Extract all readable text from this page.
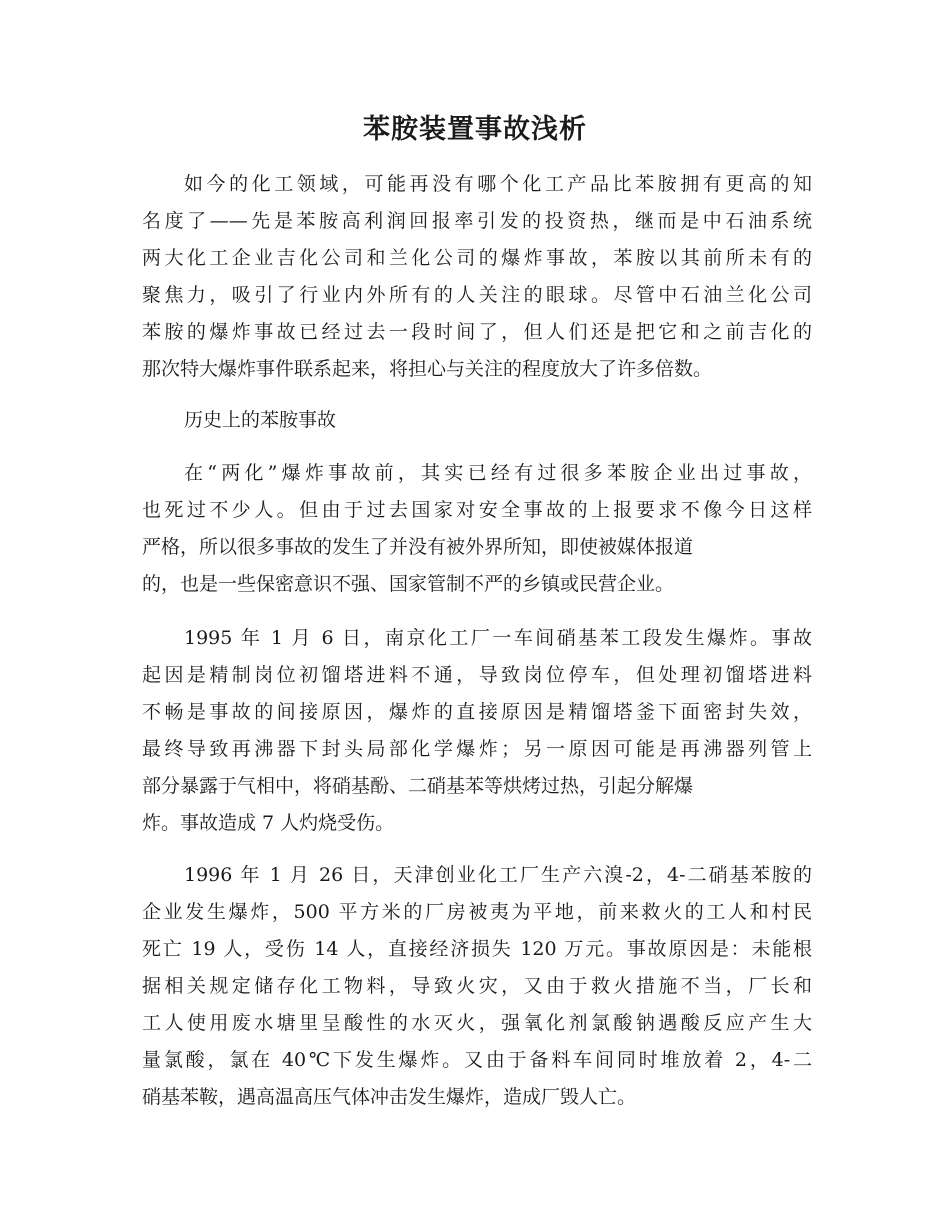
苯胺装置事故浅析
如今的化工领域，可能再没有哪个化工产品比苯胺拥有更高的知
名度了——先是苯胺高利润回报率引发的投资热，继而是中石油系统
两大化工企业吉化公司和兰化公司的爆炸事故，苯胺以其前所未有的
聚焦力，吸引了行业内外所有的人关注的眼球。尽管中石油兰化公司
苯胺的爆炸事故已经过去一段时间了，但人们还是把它和之前吉化的
那次特大爆炸事件联系起来，将担心与关注的程度放大了许多倍数。
历史上的苯胺事故
在“两化”爆炸事故前，其实已经有过很多苯胺企业出过事故，
也死过不少人。但由于过去国家对安全事故的上报要求不像今日这样
严格，所以很多事故的发生了并没有被外界所知，即使被媒体报道
的，也是一些保密意识不强、国家管制不严的乡镇或民营企业。
1995 年 1 月 6 日，南京化工厂一车间硝基苯工段发生爆炸。事故
起因是精制岗位初馏塔进料不通，导致岗位停车，但处理初馏塔进料
不畅是事故的间接原因，爆炸的直接原因是精馏塔釜下面密封失效，
最终导致再沸器下封头局部化学爆炸；另一原因可能是再沸器列管上
部分暴露于气相中，将硝基酚、二硝基苯等烘烤过热，引起分解爆
炸。事故造成 7 人灼烧受伤。
1996 年 1 月 26 日，天津创业化工厂生产六溴-2，4-二硝基苯胺的
企业发生爆炸，500 平方米的厂房被夷为平地，前来救火的工人和村民
死亡 19 人，受伤 14 人，直接经济损失 120 万元。事故原因是：未能根
据相关规定储存化工物料，导致火灾，又由于救火措施不当，厂长和
工人使用废水塘里呈酸性的水灭火，强氧化剂氯酸钠遇酸反应产生大
量氯酸，氯在 40℃下发生爆炸。又由于备料车间同时堆放着 2，4-二
硝基苯鞍，遇高温高压气体冲击发生爆炸，造成厂毁人亡。
